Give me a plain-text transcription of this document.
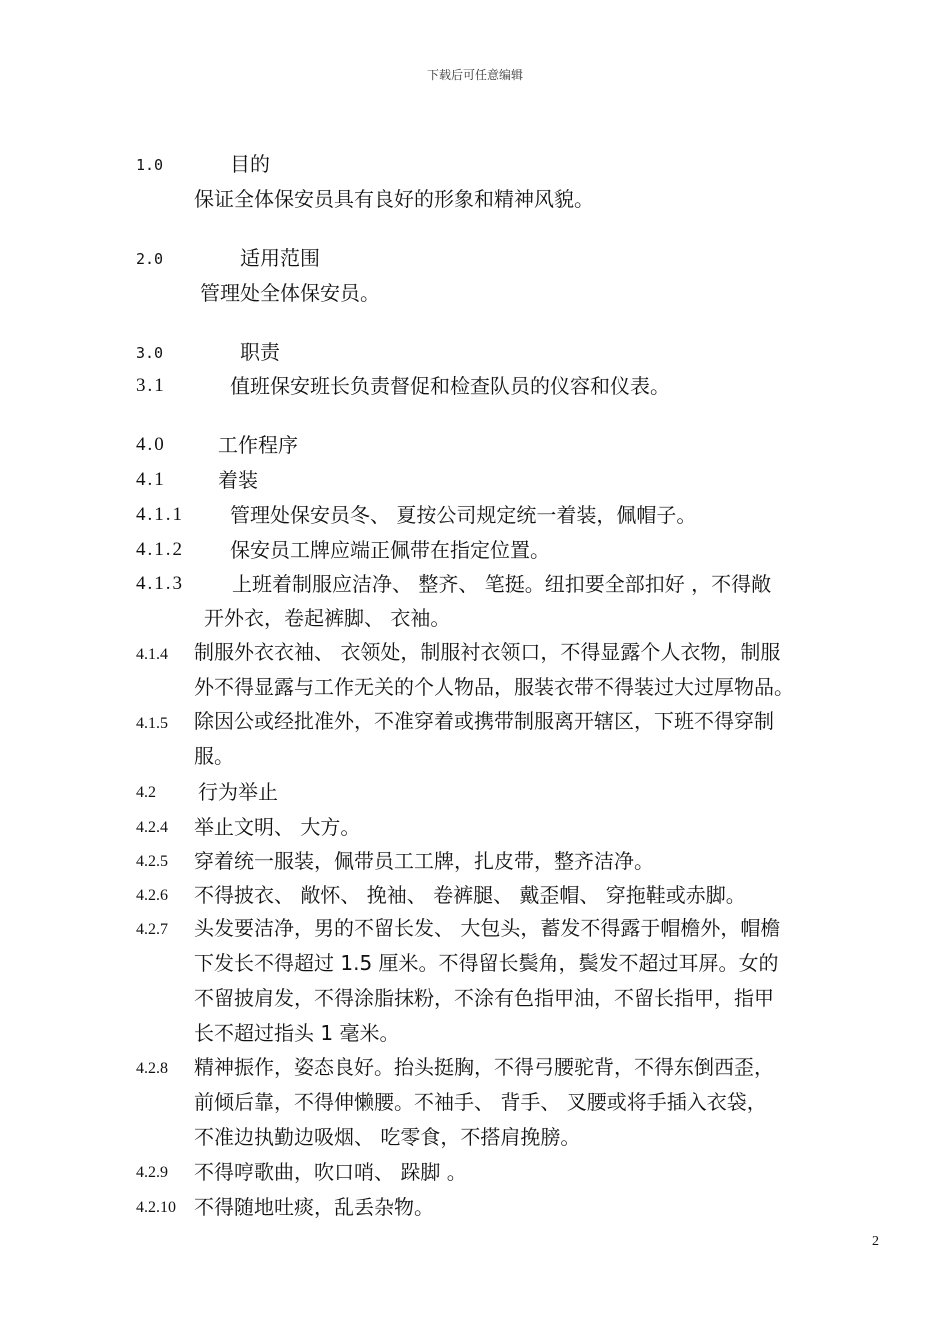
下载后可任意编辑
1.0	目的
保证全体保安员具有良好的形象和精神风貌。
2.0	适用范围
管理处全体保安员。
3.0	职责
3.1	值班保安班长负责督促和检查队员的仪容和仪表。
4.0	工作程序
4.1	着装
4.1.1 管理处保安员冬、 夏按公司规定统一着装，佩帽子。
4.1.2 保安员工牌应端正佩带在指定位置。
4.1.3 上班着制服应洁净、 整齐、 笔挺。纽扣要全部扣好 ，不得敞
开外衣，卷起裤脚、 衣袖。
4.1.4 制服外衣衣袖、 衣领处，制服衬衣领口，不得显露个人衣物，制服
外不得显露与工作无关的个人物品，服装衣带不得装过大过厚物品。
4.1.5 除因公或经批准外，不准穿着或携带制服离开辖区，下班不得穿制
服。
4.2 行为举止
4.2.4 举止文明、 大方。
4.2.5 穿着统一服装，佩带员工工牌，扎皮带，整齐洁净。
4.2.6 不得披衣、 敞怀、 挽袖、 卷裤腿、 戴歪帽、 穿拖鞋或赤脚。
4.2.7 头发要洁净，男的不留长发、 大包头，蓄发不得露于帽檐外，帽檐
下发长不得超过 1.5 厘米。不得留长鬓角，鬓发不超过耳屏。女的
不留披肩发，不得涂脂抹粉，不涂有色指甲油，不留长指甲，指甲
长不超过指头 1 毫米。
4.2.8 精神振作，姿态良好。抬头挺胸，不得弓腰驼背，不得东倒西歪，
前倾后靠，不得伸懒腰。不袖手、 背手、 叉腰或将手插入衣袋，
不准边执勤边吸烟、 吃零食，不搭肩挽膀。
4.2.9 不得哼歌曲，吹口哨、 跺脚 。
4.2.10 不得随地吐痰，乱丢杂物。
2
